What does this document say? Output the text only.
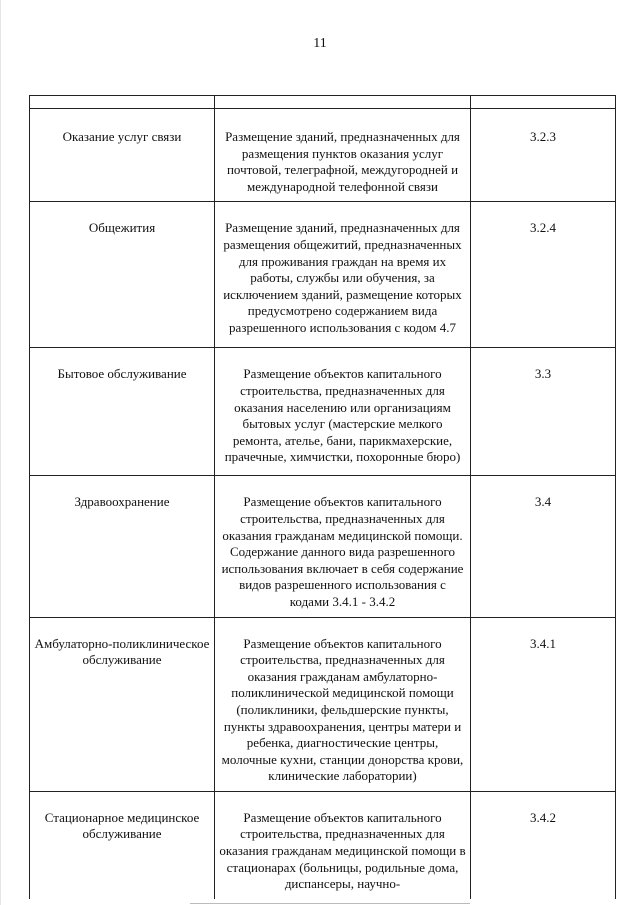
11

Оказание услуг связи	Размещение зданий, предназначенных для размещения пунктов оказания услуг почтовой, телеграфной, междугородней и международной телефонной связи	3.2.3
Общежития	Размещение зданий, предназначенных для размещения общежитий, предназначенных для проживания граждан на время их работы, службы или обучения, за исключением зданий, размещение которых предусмотрено содержанием вида разрешенного использования с кодом 4.7	3.2.4
Бытовое обслуживание	Размещение объектов капитального строительства, предназначенных для оказания населению или организациям бытовых услуг (мастерские мелкого ремонта, ателье, бани, парикмахерские, прачечные, химчистки, похоронные бюро)	3.3
Здравоохранение	Размещение объектов капитального строительства, предназначенных для оказания гражданам медицинской помощи. Содержание данного вида разрешенного использования включает в себя содержание видов разрешенного использования с кодами 3.4.1 - 3.4.2	3.4
Амбулаторно-поликлиническое обслуживание	Размещение объектов капитального строительства, предназначенных для оказания гражданам амбулаторно-поликлинической медицинской помощи (поликлиники, фельдшерские пункты, пункты здравоохранения, центры матери и ребенка, диагностические центры, молочные кухни, станции донорства крови, клинические лаборатории)	3.4.1
Стационарное медицинское обслуживание	Размещение объектов капитального строительства, предназначенных для оказания гражданам медицинской помощи в стационарах (больницы, родильные дома, диспансеры, научно-	3.4.2
